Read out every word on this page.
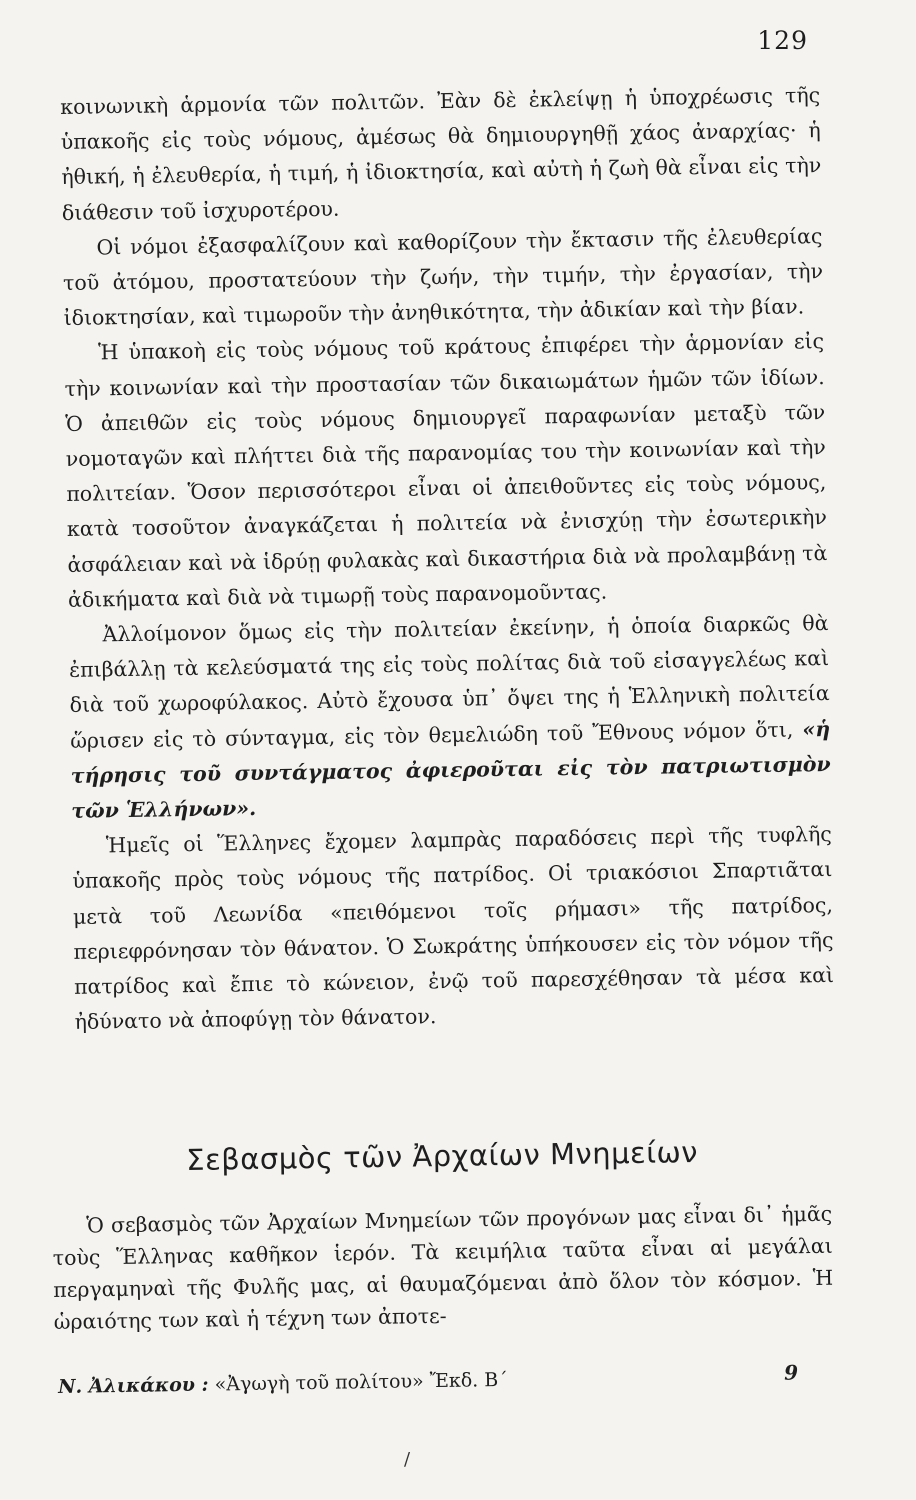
129

κοινωνικὴ ἁρμονία τῶν πολιτῶν. Ἐὰν δὲ ἐκλείψῃ ἡ ὑποχρέωσις τῆς ὑπακοῆς εἰς τοὺς νόμους, ἀμέσως θὰ δημιουργηθῇ χάος ἀναρχίας· ἡ ἠθική, ἡ ἐλευθερία, ἡ τιμή, ἡ ἰδιοκτησία, καὶ αὐτὴ ἡ ζωὴ θὰ εἶναι εἰς τὴν διάθεσιν τοῦ ἰσχυροτέρου.

Οἱ νόμοι ἐξασφαλίζουν καὶ καθορίζουν τὴν ἔκτασιν τῆς ἐλευθερίας τοῦ ἀτόμου, προστατεύουν τὴν ζωήν, τὴν τιμήν, τὴν ἐργασίαν, τὴν ἰδιοκτησίαν, καὶ τιμωροῦν τὴν ἀνηθικότητα, τὴν ἀδικίαν καὶ τὴν βίαν.

Ἡ ὑπακοὴ εἰς τοὺς νόμους τοῦ κράτους ἐπιφέρει τὴν ἁρμονίαν εἰς τὴν κοινωνίαν καὶ τὴν προστασίαν τῶν δικαιωμάτων ἡμῶν τῶν ἰδίων. Ὁ ἀπειθῶν εἰς τοὺς νόμους δημιουργεῖ παραφωνίαν μεταξὺ τῶν νομοταγῶν καὶ πλήττει διὰ τῆς παρανομίας του τὴν κοινωνίαν καὶ τὴν πολιτείαν. Ὅσον περισσότεροι εἶναι οἱ ἀπειθοῦντες εἰς τοὺς νόμους, κατὰ τοσοῦτον ἀναγκάζεται ἡ πολιτεία νὰ ἐνισχύῃ τὴν ἐσωτερικὴν ἀσφάλειαν καὶ νὰ ἱδρύῃ φυλακὰς καὶ δικαστήρια διὰ νὰ προλαμβάνῃ τὰ ἀδικήματα καὶ διὰ νὰ τιμωρῇ τοὺς παρανομοῦντας.

Ἀλλοίμονον ὅμως εἰς τὴν πολιτείαν ἐκείνην, ἡ ὁποία διαρκῶς θὰ ἐπιβάλλῃ τὰ κελεύσματά της εἰς τοὺς πολίτας διὰ τοῦ εἰσαγγελέως καὶ διὰ τοῦ χωροφύλακος. Αὐτὸ ἔχουσα ὑπ᾽ ὄψει της ἡ Ἑλληνικὴ πολιτεία ὥρισεν εἰς τὸ σύνταγμα, εἰς τὸν θεμελιώδη τοῦ Ἔθνους νόμον ὅτι, «ἡ τήρησις τοῦ συντάγματος ἀφιεροῦται εἰς τὸν πατριωτισμὸν τῶν Ἑλλήνων».

Ἡμεῖς οἱ Ἕλληνες ἔχομεν λαμπρὰς παραδόσεις περὶ τῆς τυφλῆς ὑπακοῆς πρὸς τοὺς νόμους τῆς πατρίδος. Οἱ τριακόσιοι Σπαρτιᾶται μετὰ τοῦ Λεωνίδα «πειθόμενοι τοῖς ρήμασι» τῆς πατρίδος, περιεφρόνησαν τὸν θάνατον. Ὁ Σωκράτης ὑπήκουσεν εἰς τὸν νόμον τῆς πατρίδος καὶ ἔπιε τὸ κώνειον, ἐνῷ τοῦ παρεσχέθησαν τὰ μέσα καὶ ἠδύνατο νὰ ἀποφύγῃ τὸν θάνατον.

Σεβασμὸς τῶν Ἀρχαίων Μνημείων

Ὁ σεβασμὸς τῶν Ἀρχαίων Μνημείων τῶν προγόνων μας εἶναι δι᾽ ἡμᾶς τοὺς Ἕλληνας καθῆκον ἱερόν. Τὰ κειμήλια ταῦτα εἶναι αἱ μεγάλαι περγαμηναὶ τῆς Φυλῆς μας, αἱ θαυμαζόμεναι ἀπὸ ὅλον τὸν κόσμον. Ἡ ὡραιότης των καὶ ἡ τέχνη των ἀποτε-

Ν. Ἀλικάκου : «Ἀγωγὴ τοῦ πολίτου» Ἔκδ. Β´	9
/
